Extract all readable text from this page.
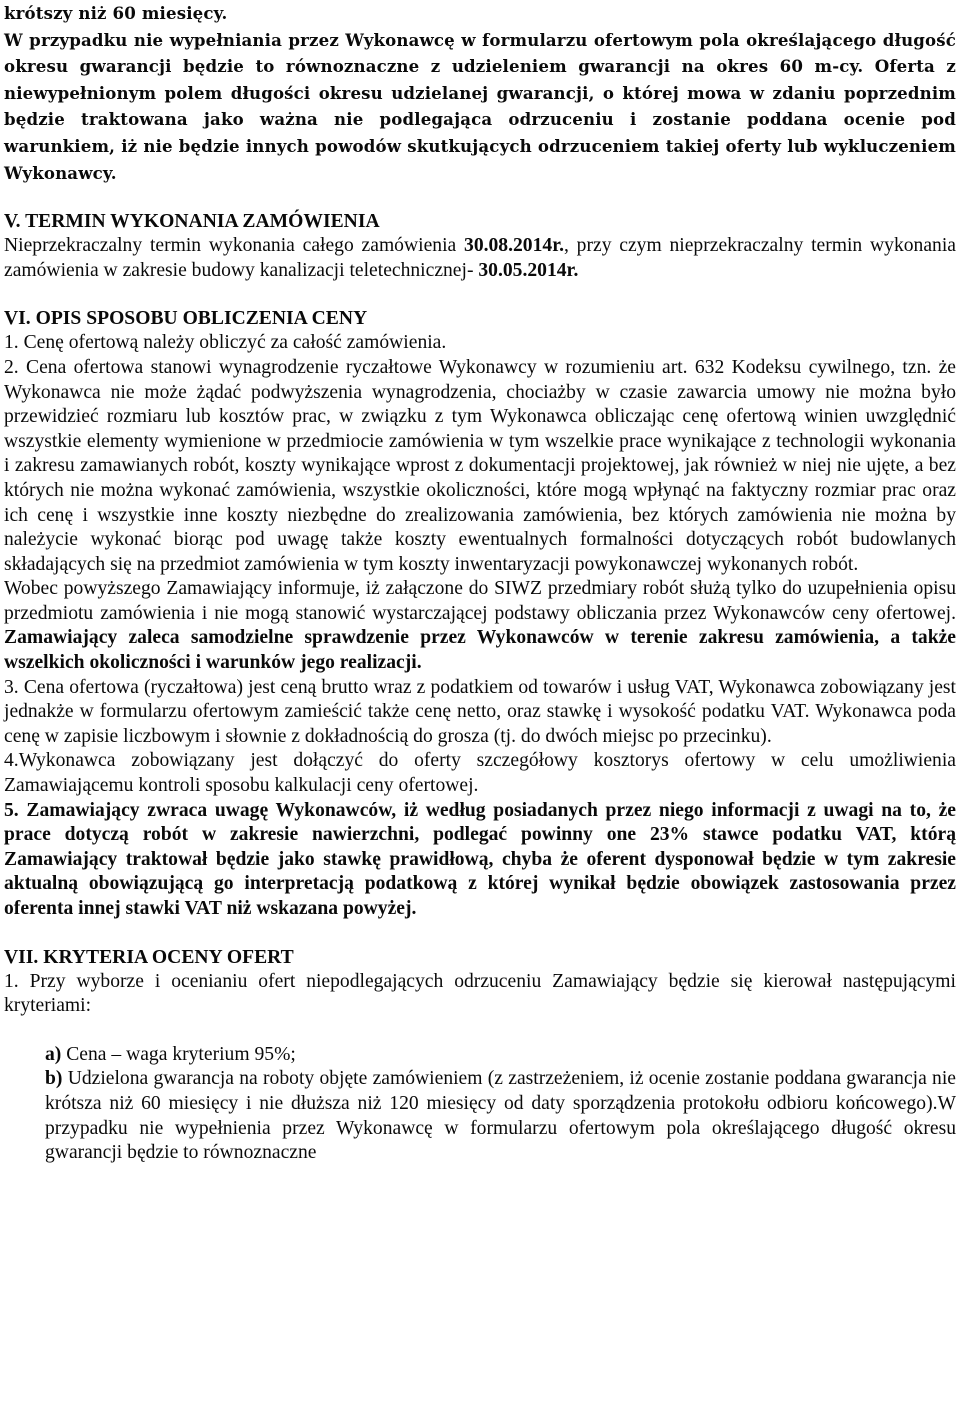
krótszy niż 60 miesięcy.

W przypadku nie wypełniania przez Wykonawcę w formularzu ofertowym pola określającego długość okresu gwarancji będzie to równoznaczne z udzieleniem gwarancji na okres 60 m-cy. Oferta z niewypełnionym polem długości okresu udzielanej gwarancji, o której mowa w zdaniu poprzednim będzie traktowana jako ważna nie podlegająca odrzuceniu i zostanie poddana ocenie pod warunkiem, iż nie będzie innych powodów skutkujących odrzuceniem takiej oferty lub wykluczeniem Wykonawcy.

V. TERMIN WYKONANIA ZAMÓWIENIA

Nieprzekraczalny termin wykonania całego zamówienia 30.08.2014r., przy czym nieprzekraczalny termin wykonania zamówienia w zakresie budowy kanalizacji teletechnicznej- 30.05.2014r.

VI. OPIS SPOSOBU OBLICZENIA CENY

1. Cenę ofertową należy obliczyć za całość zamówienia.

2. Cena ofertowa stanowi wynagrodzenie ryczałtowe Wykonawcy w rozumieniu art. 632 Kodeksu cywilnego, tzn. że Wykonawca nie może żądać podwyższenia wynagrodzenia, chociażby w czasie zawarcia umowy nie można było przewidzieć rozmiaru lub kosztów prac, w związku z tym Wykonawca obliczając cenę ofertową winien uwzględnić wszystkie elementy wymienione w przedmiocie zamówienia w tym wszelkie prace wynikające z technologii wykonania i zakresu zamawianych robót, koszty wynikające wprost z dokumentacji projektowej, jak również w niej nie ujęte, a bez których nie można wykonać zamówienia, wszystkie okoliczności, które mogą wpłynąć na faktyczny rozmiar prac oraz ich cenę i wszystkie inne koszty niezbędne do zrealizowania zamówienia, bez których zamówienia nie można by należycie wykonać biorąc pod uwagę także koszty ewentualnych formalności dotyczących robót budowlanych składających się na przedmiot zamówienia w tym koszty inwentaryzacji powykonawczej wykonanych robót.

Wobec powyższego Zamawiający informuje, iż załączone do SIWZ przedmiary robót służą tylko do uzupełnienia opisu przedmiotu zamówienia i nie mogą stanowić wystarczającej podstawy obliczania przez Wykonawców ceny ofertowej. Zamawiający zaleca samodzielne sprawdzenie przez Wykonawców w terenie zakresu zamówienia, a także wszelkich okoliczności i warunków jego realizacji.

3. Cena ofertowa (ryczałtowa) jest ceną brutto wraz z podatkiem od towarów i usług VAT, Wykonawca zobowiązany jest jednakże w formularzu ofertowym zamieścić także cenę netto, oraz stawkę i wysokość podatku VAT. Wykonawca poda cenę w zapisie liczbowym i słownie z dokładnością do grosza (tj. do dwóch miejsc po przecinku).

4.Wykonawca zobowiązany jest dołączyć do oferty szczegółowy kosztorys ofertowy w celu umożliwienia Zamawiającemu kontroli sposobu kalkulacji ceny ofertowej.

5. Zamawiający zwraca uwagę Wykonawców, iż według posiadanych przez niego informacji z uwagi na to, że prace dotyczą robót w zakresie nawierzchni, podlegać powinny one 23% stawce podatku VAT, którą Zamawiający traktował będzie jako stawkę prawidłową, chyba że oferent dysponował będzie w tym zakresie aktualną obowiązującą go interpretacją podatkową z której wynikał będzie obowiązek zastosowania przez oferenta innej stawki VAT niż wskazana powyżej.

VII. KRYTERIA OCENY OFERT

1. Przy wyborze i ocenianiu ofert niepodlegających odrzuceniu Zamawiający będzie się kierował następującymi kryteriami:

a) Cena – waga kryterium 95%;

b) Udzielona gwarancja na roboty objęte zamówieniem (z zastrzeżeniem, iż ocenie zostanie poddana gwarancja nie krótsza niż 60 miesięcy i nie dłuższa niż 120 miesięcy od daty sporządzenia protokołu odbioru końcowego).W przypadku nie wypełnienia przez Wykonawcę w formularzu ofertowym pola określającego długość okresu gwarancji będzie to równoznaczne
